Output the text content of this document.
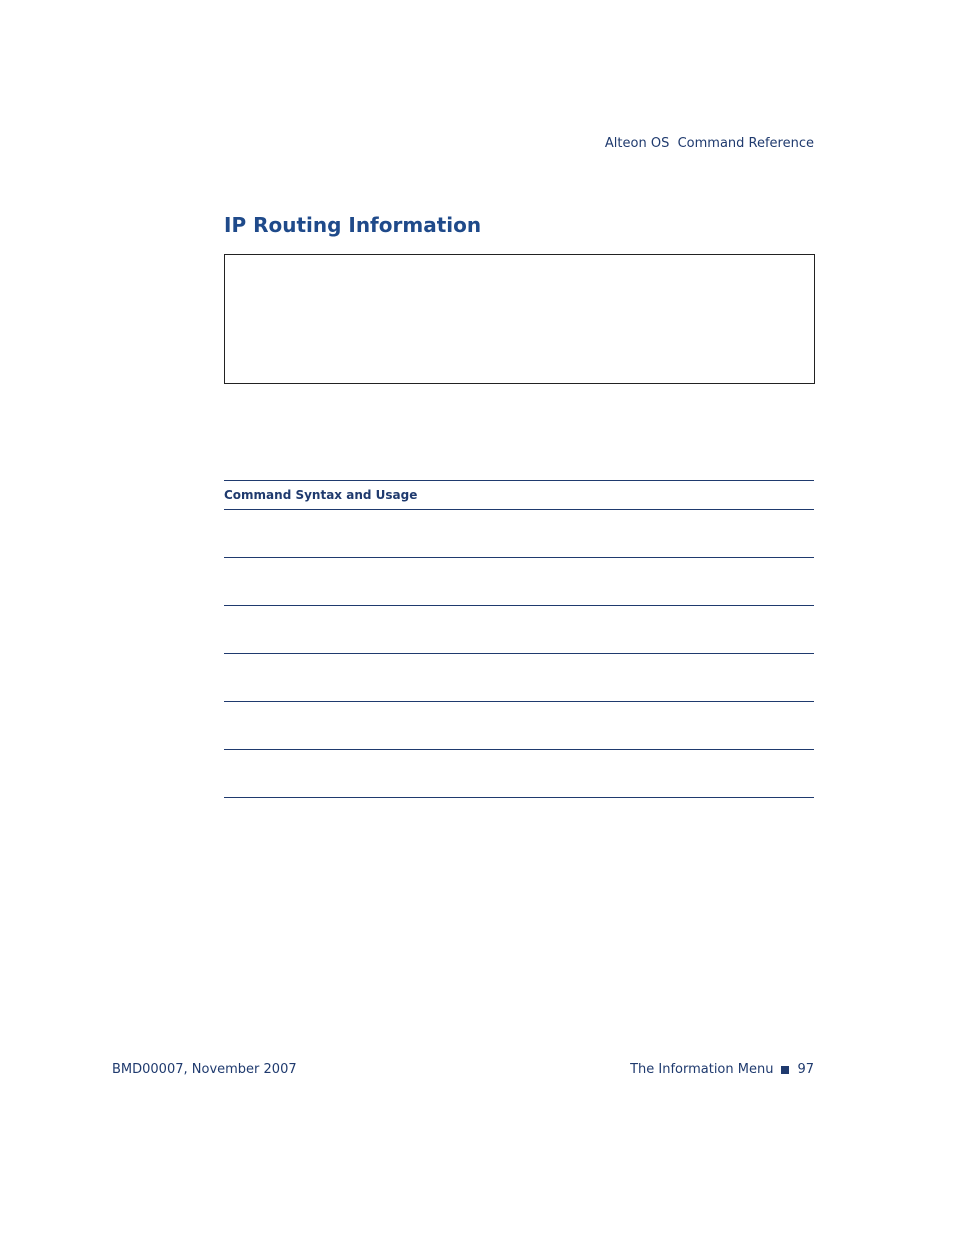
Alteon OS  Command Reference
IP Routing Information
Command Syntax and Usage
BMD00007, November 2007	The Information Menu 97
